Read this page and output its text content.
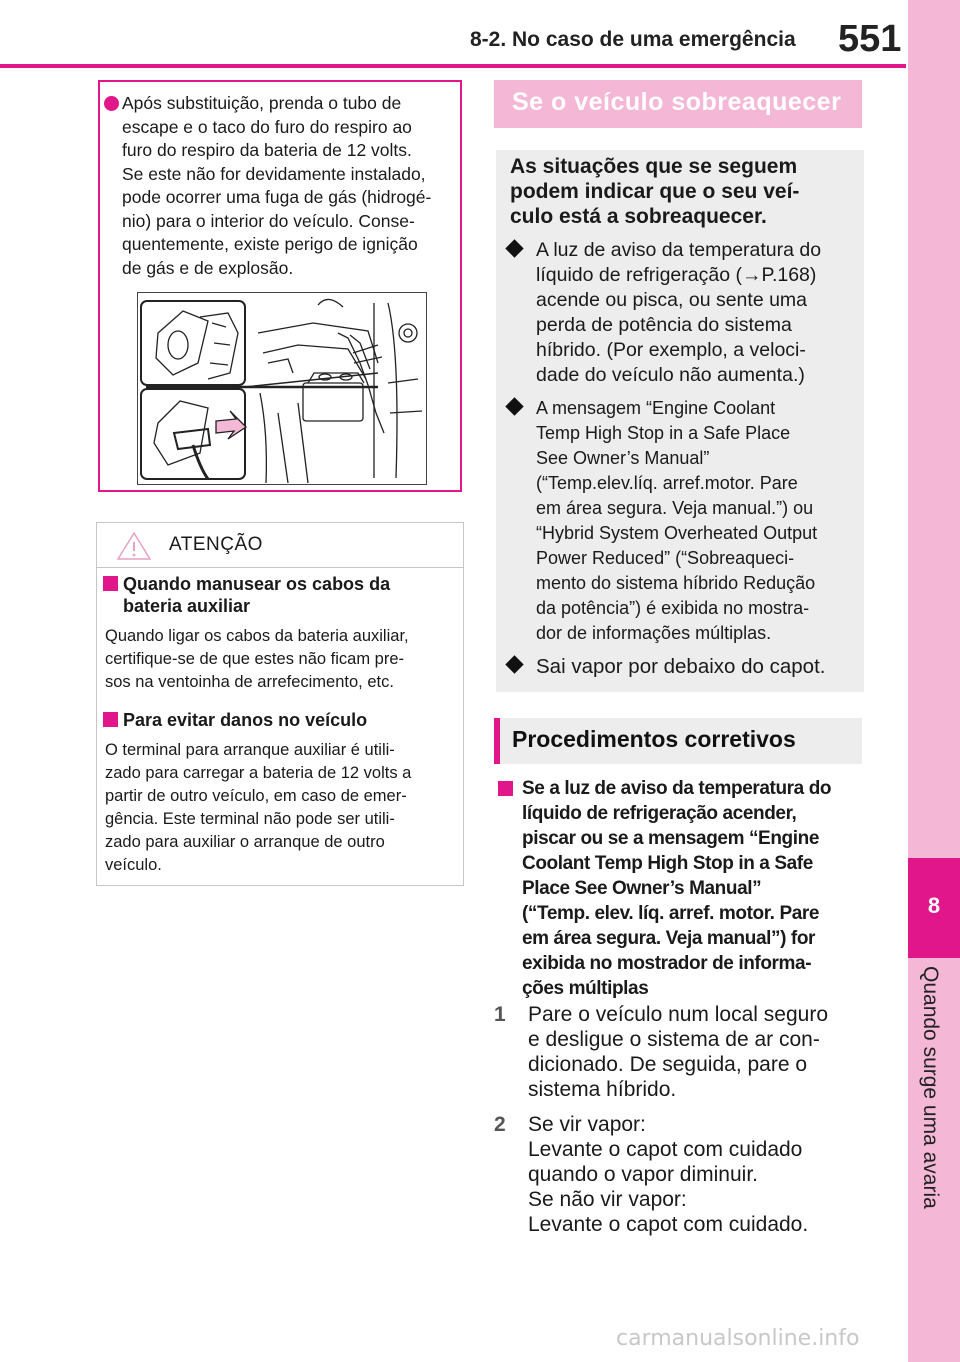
8-2. No caso de uma emergência 551
8
Quando surge uma avaria
Após substituição, prenda o tubo de
escape e o taco do furo do respiro ao
furo do respiro da bateria de 12 volts.
Se este não for devidamente instalado,
pode ocorrer uma fuga de gás (hidrogé-
nio) para o interior do veículo. Conse-
quentemente, existe perigo de ignição
de gás e de explosão.
ATENÇÃO
Quando manusear os cabos da
bateria auxiliar
Quando ligar os cabos da bateria auxiliar,
certifique-se de que estes não ficam pre-
sos na ventoinha de arrefecimento, etc.
Para evitar danos no veículo
O terminal para arranque auxiliar é utili-
zado para carregar a bateria de 12 volts a
partir de outro veículo, em caso de emer-
gência. Este terminal não pode ser utili-
zado para auxiliar o arranque de outro
veículo.
Se o veículo sobreaquecer
As situações que se seguem
podem indicar que o seu veí-
culo está a sobreaquecer.
A luz de aviso da temperatura do
líquido de refrigeração (→P.168)
acende ou pisca, ou sente uma
perda de potência do sistema
híbrido. (Por exemplo, a veloci-
dade do veículo não aumenta.)
A mensagem “Engine Coolant
Temp High Stop in a Safe Place
See Owner’s Manual”
(“Temp.elev.líq. arref.motor. Pare
em área segura. Veja manual.”) ou
“Hybrid System Overheated Output
Power Reduced” (“Sobreaqueci-
mento do sistema híbrido Redução
da potência”) é exibida no mostra-
dor de informações múltiplas.
Sai vapor por debaixo do capot.
Procedimentos corretivos
Se a luz de aviso da temperatura do
líquido de refrigeração acender,
piscar ou se a mensagem “Engine
Coolant Temp High Stop in a Safe
Place See Owner’s Manual”
(“Temp. elev. líq. arref. motor. Pare
em área segura. Veja manual”) for
exibida no mostrador de informa-
ções múltiplas
1 Pare o veículo num local seguro
e desligue o sistema de ar con-
dicionado. De seguida, pare o
sistema híbrido.
2 Se vir vapor:
Levante o capot com cuidado
quando o vapor diminuir.
Se não vir vapor:
Levante o capot com cuidado.
carmanualsonline.info
